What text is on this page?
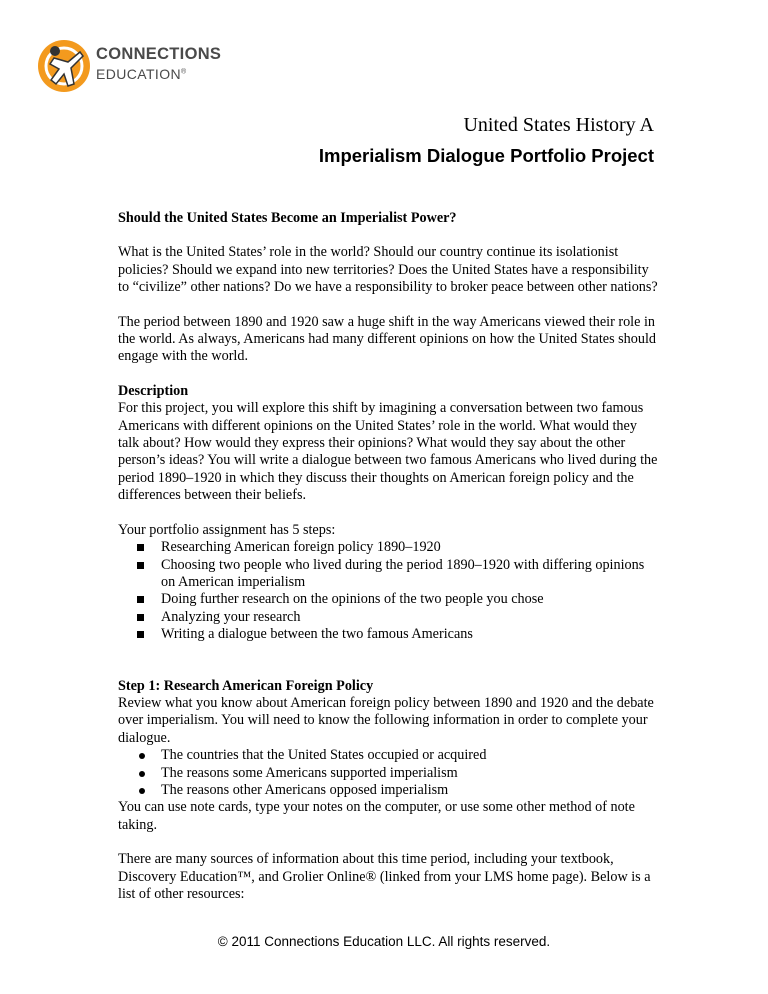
CONNECTIONS
EDUCATION®
United States History A
Imperialism Dialogue Portfolio Project

Should the United States Become an Imperialist Power?

What is the United States’ role in the world? Should our country continue its isolationist policies? Should we expand into new territories? Does the United States have a responsibility to “civilize” other nations? Do we have a responsibility to broker peace between other nations?

The period between 1890 and 1920 saw a huge shift in the way Americans viewed their role in the world. As always, Americans had many different opinions on how the United States should engage with the world.

Description

For this project, you will explore this shift by imagining a conversation between two famous Americans with different opinions on the United States’ role in the world. What would they talk about? How would they express their opinions? What would they say about the other person’s ideas? You will write a dialogue between two famous Americans who lived during the period 1890–1920 in which they discuss their thoughts on American foreign policy and the differences between their beliefs.

Your portfolio assignment has 5 steps:
Researching American foreign policy 1890–1920
Choosing two people who lived during the period 1890–1920 with differing opinions on American imperialism
Doing further research on the opinions of the two people you chose
Analyzing your research
Writing a dialogue between the two famous Americans
Step 1: Research American Foreign Policy
Review what you know about American foreign policy between 1890 and 1920 and the debate over imperialism. You will need to know the following information in order to complete your dialogue.
The countries that the United States occupied or acquired
The reasons some Americans supported imperialism
The reasons other Americans opposed imperialism

You can use note cards, type your notes on the computer, or use some other method of note taking.

There are many sources of information about this time period, including your textbook, Discovery Education™, and Grolier Online® (linked from your LMS home page). Below is a list of other resources:

© 2011 Connections Education LLC. All rights reserved.
